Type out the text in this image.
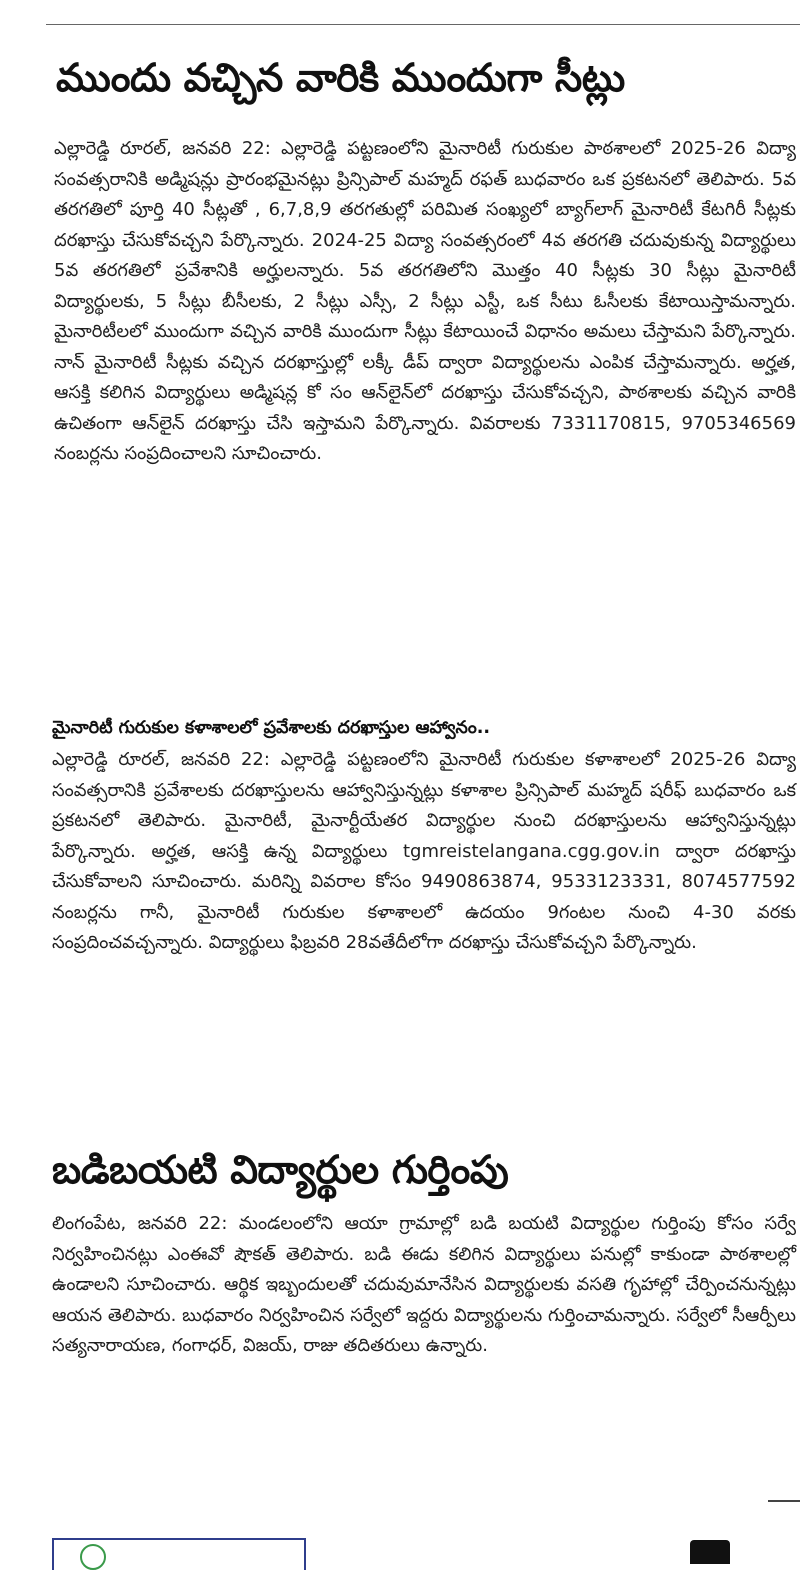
ముందు వచ్చిన వారికి ముందుగా సీట్లు

ఎల్లారెడ్డి రూరల్, జనవరి 22: ఎల్లారెడ్డి పట్టణంలోని మైనారిటీ గురుకుల పాఠశాలలో 2025-26 విద్యా సంవత్సరానికి అడ్మిషన్లు ప్రారంభమైనట్లు ప్రిన్సిపాల్ మహ్మద్ రఫత్ బుధవారం ఒక ప్రకటనలో తెలిపారు. 5వ తరగతిలో పూర్తి 40 సీట్లతో , 6,7,8,9 తరగతుల్లో పరిమిత సంఖ్యలో బ్యాగ్‌లాగ్ మైనారిటీ కేటగిరీ సీట్లకు దరఖాస్తు చేసుకోవచ్చని పేర్కొన్నారు. 2024-25 విద్యా సంవత్సరంలో 4వ తరగతి చదువుకున్న విద్యార్థులు 5వ తరగతిలో ప్రవేశానికి అర్హులన్నారు. 5వ తరగతిలోని మొత్తం 40 సీట్లకు 30 సీట్లు మైనారిటీ విద్యార్థులకు, 5 సీట్లు బీసీలకు, 2 సీట్లు ఎస్సీ, 2 సీట్లు ఎస్టీ, ఒక సీటు ఓసీలకు కేటాయిస్తామన్నారు. మైనారిటీలలో ముందుగా వచ్చిన వారికి ముందుగా సీట్లు కేటాయించే విధానం అమలు చేస్తామని పేర్కొన్నారు. నాన్ మైనారిటీ సీట్లకు వచ్చిన దరఖాస్తుల్లో లక్కీ డీప్ ద్వారా విద్యార్థులను ఎంపిక చేస్తామన్నారు. అర్హత, ఆసక్తి కలిగిన విద్యార్థులు అడ్మిషన్ల కో సం ఆన్‌లైన్‌లో దరఖాస్తు చేసుకోవచ్చని, పాఠశాలకు వచ్చిన వారికి ఉచితంగా ఆన్‌లైన్ దరఖాస్తు చేసి ఇస్తామని పేర్కొన్నారు. వివరాలకు 7331170815, 9705346569 నంబర్లను సంప్రదించాలని సూచించారు.

మైనారిటీ గురుకుల కళాశాలలో ప్రవేశాలకు దరఖాస్తుల ఆహ్వానం..

ఎల్లారెడ్డి రూరల్, జనవరి 22: ఎల్లారెడ్డి పట్టణంలోని మైనారిటీ గురుకుల కళాశాలలో 2025-26 విద్యా సంవత్సరానికి ప్రవేశాలకు దరఖాస్తులను ఆహ్వానిస్తున్నట్లు కళాశాల ప్రిన్సిపాల్ మహ్మద్ షరీఫ్ బుధవారం ఒక ప్రకటనలో తెలిపారు. మైనారిటీ, మైనార్టీయేతర విద్యార్థుల నుంచి దరఖాస్తులను ఆహ్వానిస్తున్నట్లు పేర్కొన్నారు. అర్హత, ఆసక్తి ఉన్న విద్యార్థులు tgmreistelangana.cgg.gov.in ద్వారా దరఖాస్తు చేసుకోవాలని సూచించారు. మరిన్ని వివరాల కోసం 9490863874, 9533123331, 8074577592 నంబర్లను గానీ, మైనారిటీ గురుకుల కళాశాలలో ఉదయం 9గంటల నుంచి 4-30 వరకు సంప్రదించవచ్చన్నారు. విద్యార్థులు ఫిబ్రవరి 28వతేదీలోగా దరఖాస్తు చేసుకోవచ్చని పేర్కొన్నారు.

బడిబయటి విద్యార్థుల గుర్తింపు

లింగంపేట, జనవరి 22: మండలంలోని ఆయా గ్రామాల్లో బడి బయటి విద్యార్థుల గుర్తింపు కోసం సర్వే నిర్వహించినట్లు ఎంఈవో షౌకత్ తెలిపారు. బడి ఈడు కలిగిన విద్యార్థులు పనుల్లో కాకుండా పాఠశాలల్లో ఉండాలని సూచించారు. ఆర్థిక ఇబ్బందులతో చదువుమానేసిన విద్యార్థులకు వసతి గృహాల్లో చేర్పించనున్నట్లు ఆయన తెలిపారు. బుధవారం నిర్వహించిన సర్వేలో ఇద్దరు విద్యార్థులను గుర్తించామన్నారు. సర్వేలో సీఆర్పీలు సత్యనారాయణ, గంగాధర్, విజయ్, రాజు తదితరులు ఉన్నారు.
